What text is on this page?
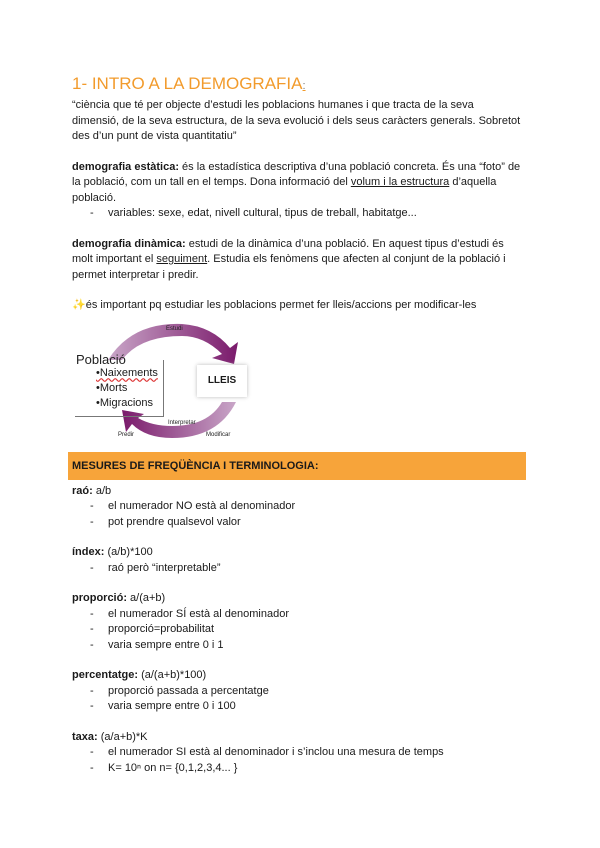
1- INTRO A LA DEMOGRAFIA:

“ciència que té per objecte d’estudi les poblacions humanes i que tracta de la seva dimensió, de la seva estructura, de la seva evolució i dels seus caràcters generals. Sobretot des d’un punt de vista quantitatiu”

demografia estàtica: és la estadística descriptiva d’una població concreta. És una “foto” de la població, com un tall en el temps. Dona informació del volum i la estructura d’aquella població.

- variables: sexe, edat, nivell cultural, tipus de treball, habitatge...

demografia dinàmica: estudi de la dinàmica d’una població. En aquest tipus d’estudi és molt important el seguiment. Estudia els fenòmens que afecten al conjunt de la població i permet interpretar i predir.

✨és important pq estudiar les poblacions permet fer lleis/accions per modificar-les

Població
•Naixements
•Morts
•Migracions
LLEIS
Estudi
Interpretar
Predir	Modificar
MESURES DE FREQÜÈNCIA I TERMINOLOGIA:

raó: a/b

- el numerador NO està al denominador
- pot prendre qualsevol valor

índex: (a/b)*100

- raó però “interpretable”

proporció: a/(a+b)

- el numerador SÍ està al denominador
- proporció=probabilitat
- varia sempre entre 0 i 1

percentatge: (a/(a+b)*100)

- proporció passada a percentatge
- varia sempre entre 0 i 100

taxa: (a/a+b)*K

- el numerador SI està al denominador i s’inclou una mesura de temps
- K= 10ⁿ on n= {0,1,2,3,4... }
